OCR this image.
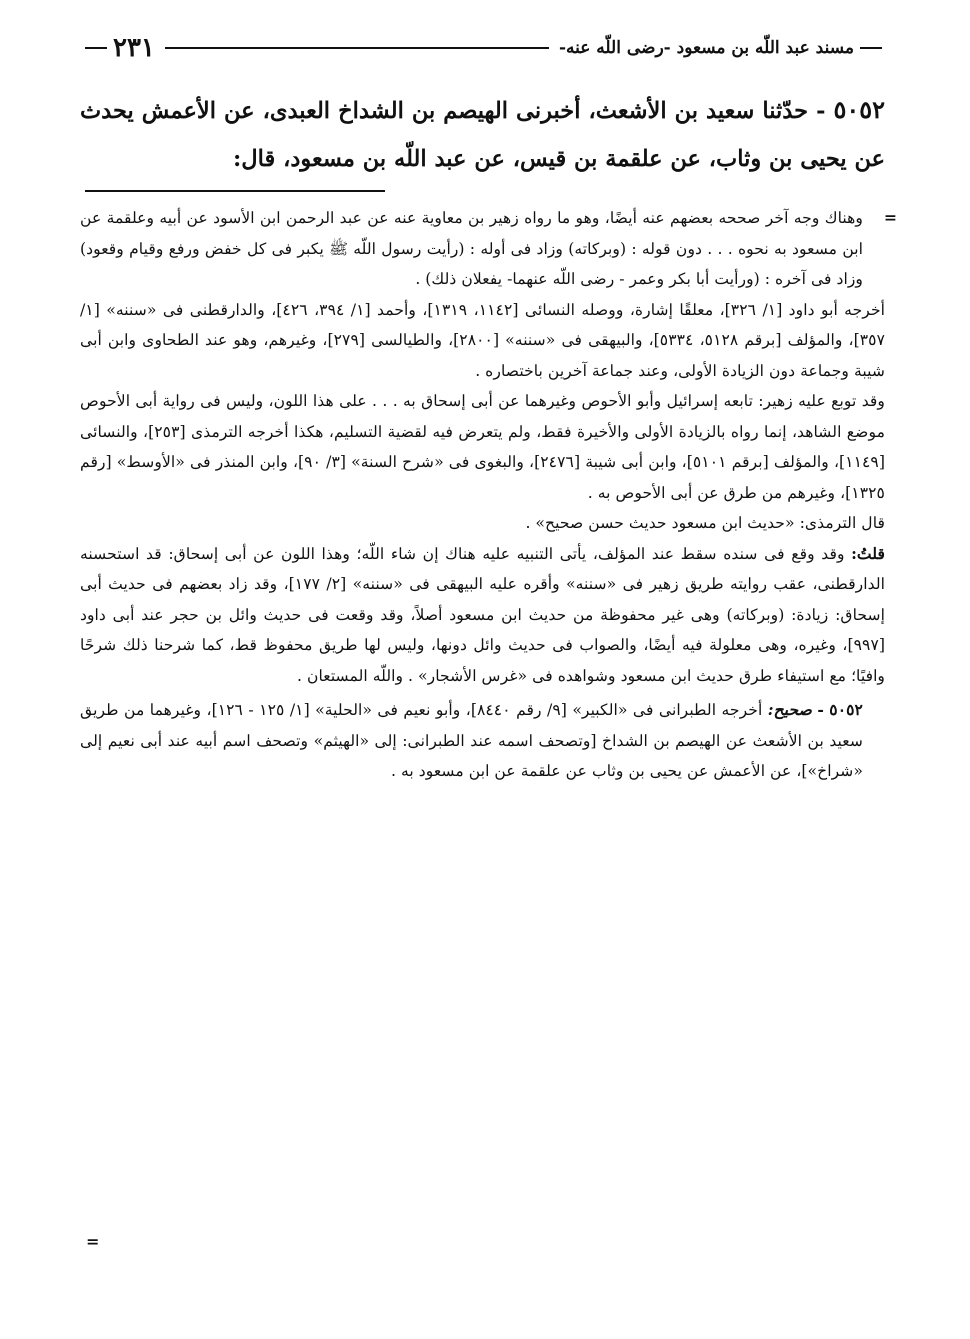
مسند عبد اللّه بن مسعود -رضى اللّه عنه-
٢٣١
٥٠٥٢ - حدّثنا سعيد بن الأشعث، أخبرنى الهيصم بن الشداخ العبدى، عن الأعمش يحدث عن يحيى بن وثاب، عن علقمة بن قيس، عن عبد اللّه بن مسعود، قال:
=
وهناك وجه آخر صححه بعضهم عنه أيضًا، وهو ما رواه زهير بن معاوية عنه عن عبد الرحمن ابن الأسود عن أبيه وعلقمة عن ابن مسعود به نحوه . . . دون قوله : (وبركاته) وزاد فى أوله : (رأيت رسول اللّه ﷺ يكبر فى كل خفض ورفع وقيام وقعود) وزاد فى آخره : (ورأيت أبا بكر وعمر - رضى اللّه عنهما- يفعلان ذلك) .
أخرجه أبو داود [١/ ٣٢٦]، معلقًا إشارة، ووصله النسائى [١١٤٢، ١٣١٩]، وأحمد [١/ ٣٩٤، ٤٢٦]، والدارقطنى فى «سننه» [١/ ٣٥٧]، والمؤلف [برقم ٥١٢٨، ٥٣٣٤]، والبيهقى فى «سننه» [٢٨٠٠]، والطيالسى [٢٧٩]، وغيرهم، وهو عند الطحاوى وابن أبى شيبة وجماعة دون الزيادة الأولى، وعند جماعة آخرين باختصاره .
وقد توبع عليه زهير: تابعه إسرائيل وأبو الأحوص وغيرهما عن أبى إسحاق به . . . على هذا اللون، وليس فى رواية أبى الأحوص موضع الشاهد، إنما رواه بالزيادة الأولى والأخيرة فقط، ولم يتعرض فيه لقضية التسليم، هكذا أخرجه الترمذى [٢٥٣]، والنسائى [١١٤٩]، والمؤلف [برقم ٥١٠١]، وابن أبى شيبة [٢٤٧٦]، والبغوى فى «شرح السنة» [٣/ ٩٠]، وابن المنذر فى «الأوسط» [رقم ١٣٢٥]، وغيرهم من طرق عن أبى الأحوص به .
قال الترمذى: «حديث ابن مسعود حديث حسن صحيح» .
قلتُ: وقد وقع فى سنده سقط عند المؤلف، يأتى التنبيه عليه هناك إن شاء اللّه؛ وهذا اللون عن أبى إسحاق: قد استحسنه الدارقطنى، عقب روايته طريق زهير فى «سننه» وأقره عليه البيهقى فى «سننه» [٢/ ١٧٧]، وقد زاد بعضهم فى حديث أبى إسحاق: زيادة: (وبركاته) وهى غير محفوظة من حديث ابن مسعود أصلاً، وقد وقعت فى حديث وائل بن حجر عند أبى داود [٩٩٧]، وغيره، وهى معلولة فيه أيضًا، والصواب فى حديث وائل دونها، وليس لها طريق محفوظ قط، كما شرحنا ذلك شرحًا وافيًا؛ مع استيفاء طرق حديث ابن مسعود وشواهده فى «غرس الأشجار» . واللّه المستعان .
٥٠٥٢ - صحيح: أخرجه الطبرانى فى «الكبير» [٩/ رقم ٨٤٤٠]، وأبو نعيم فى «الحلية» [١/ ١٢٥ - ١٢٦]، وغيرهما من طريق سعيد بن الأشعث عن الهيصم بن الشداخ [وتصحف اسمه عند الطبرانى: إلى «الهيثم» وتصحف اسم أبيه عند أبى نعيم إلى «شراخ»]، عن الأعمش عن يحيى بن وثاب عن علقمة عن ابن مسعود به .
=
